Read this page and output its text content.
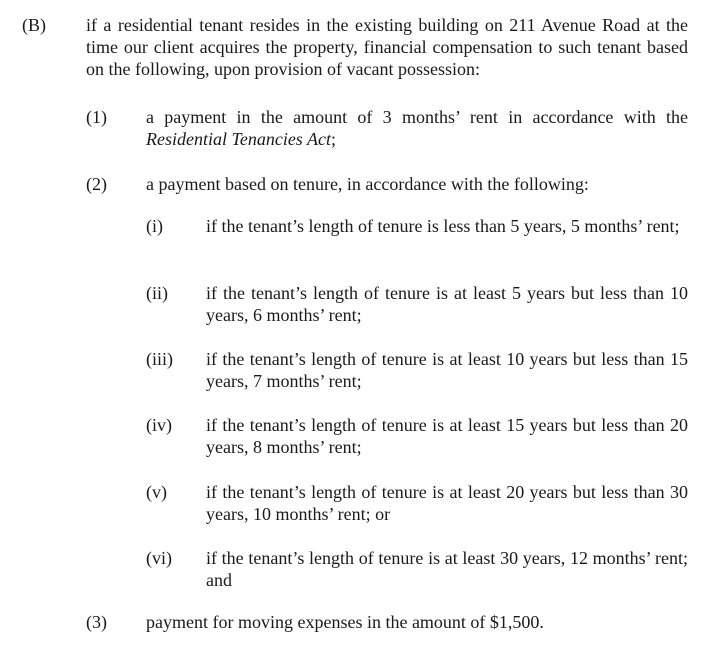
(B)	if a residential tenant resides in the existing building on 211 Avenue Road at the time our client acquires the property, financial compensation to such tenant based on the following, upon provision of vacant possession:
(1)	a payment in the amount of 3 months’ rent in accordance with the Residential Tenancies Act;
(2)	a payment based on tenure, in accordance with the following:
(i)	if the tenant’s length of tenure is less than 5 years, 5 months’ rent;
(ii)	if the tenant’s length of tenure is at least 5 years but less than 10 years, 6 months’ rent;
(iii)	if the tenant’s length of tenure is at least 10 years but less than 15 years, 7 months’ rent;
(iv)	if the tenant’s length of tenure is at least 15 years but less than 20 years, 8 months’ rent;
(v)	if the tenant’s length of tenure is at least 20 years but less than 30 years, 10 months’ rent; or
(vi)	if the tenant’s length of tenure is at least 30 years, 12 months’ rent; and
(3)	payment for moving expenses in the amount of $1,500.
